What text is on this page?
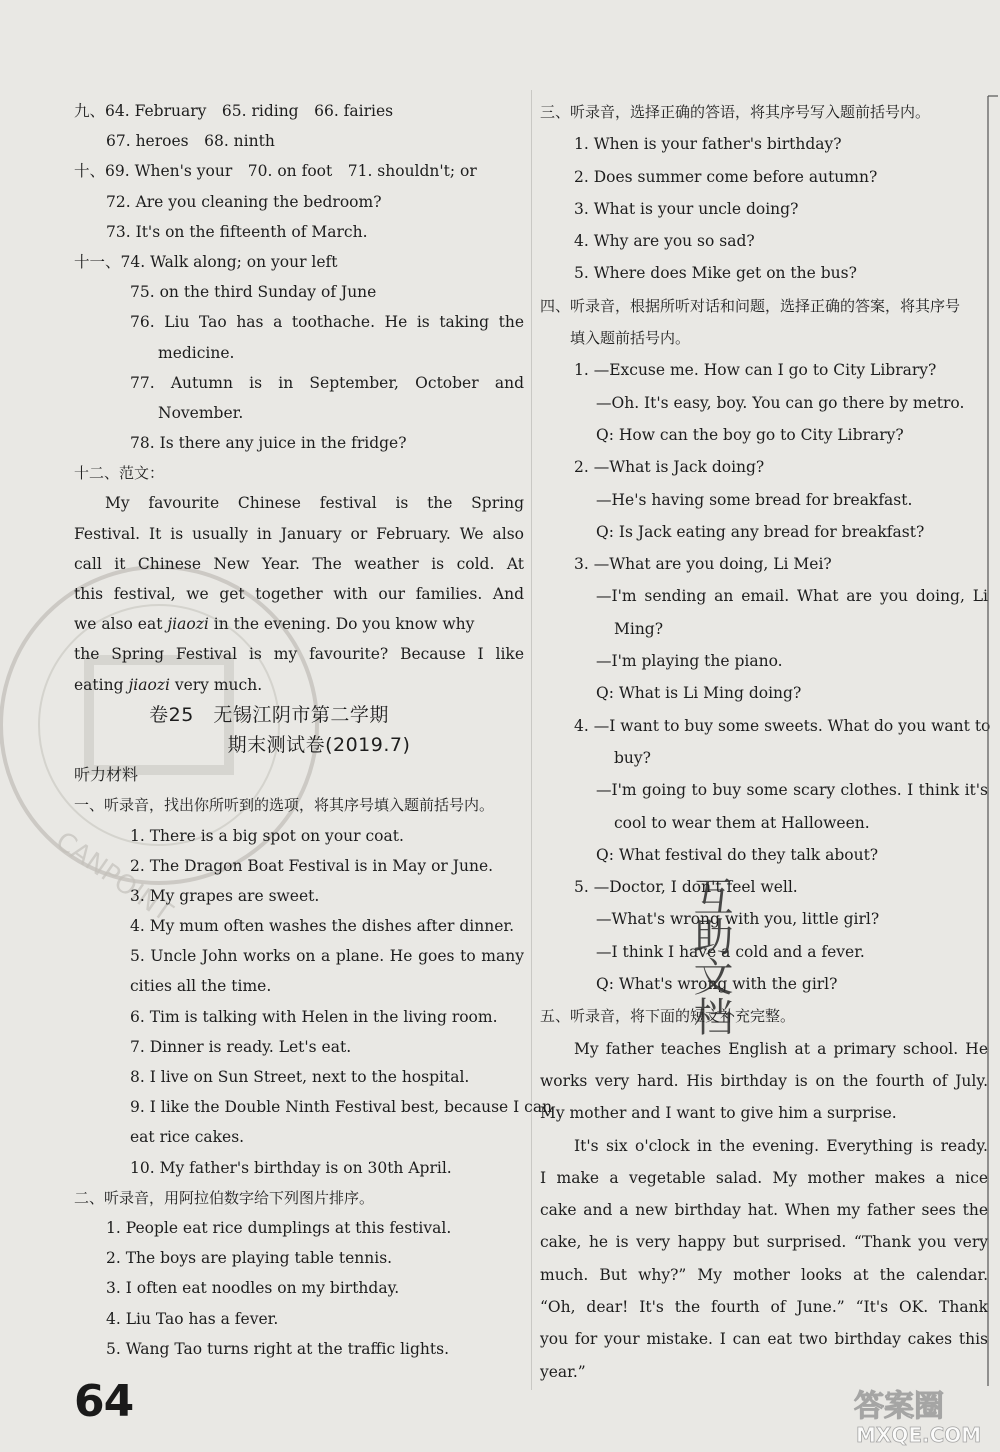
CANPOINT
九、64. February　65. riding　66. fairies
67. heroes　68. ninth
十、69. When's your　70. on foot　71. shouldn't; or
72. Are you cleaning the bedroom?
73. It's on the fifteenth of March.
十一、74. Walk along; on your left
75. on the third Sunday of June
76. Liu Tao has a toothache. He is taking the
medicine.
77. Autumn is in September, October and
November.
78. Is there any juice in the fridge?
十二、范文：
My favourite Chinese festival is the Spring
Festival. It is usually in January or February. We also
call it Chinese New Year. The weather is cold. At
this festival, we get together with our families. And
we also eat jiaozi in the evening. Do you know why
the Spring Festival is my favourite? Because I like
eating jiaozi very much.
卷25　无锡江阴市第二学期
期末测试卷(2019.7)
听力材料
一、听录音，找出你所听到的选项，将其序号填入题前括号内。
1. There is a big spot on your coat.
2. The Dragon Boat Festival is in May or June.
3. My grapes are sweet.
4. My mum often washes the dishes after dinner.
5. Uncle John works on a plane. He goes to many
cities all the time.
6. Tim is talking with Helen in the living room.
7. Dinner is ready. Let's eat.
8. I live on Sun Street, next to the hospital.
9. I like the Double Ninth Festival best, because I can
eat rice cakes.
10. My father's birthday is on 30th April.
二、听录音，用阿拉伯数字给下列图片排序。
1. People eat rice dumplings at this festival.
2. The boys are playing table tennis.
3. I often eat noodles on my birthday.
4. Liu Tao has a fever.
5. Wang Tao turns right at the traffic lights.
三、听录音，选择正确的答语，将其序号写入题前括号内。
1. When is your father's birthday?
2. Does summer come before autumn?
3. What is your uncle doing?
4. Why are you so sad?
5. Where does Mike get on the bus?
四、听录音，根据所听对话和问题，选择正确的答案，将其序号
填入题前括号内。
1. —Excuse me. How can I go to City Library?
—Oh. It's easy, boy. You can go there by metro.
Q: How can the boy go to City Library?
2. —What is Jack doing?
—He's having some bread for breakfast.
Q: Is Jack eating any bread for breakfast?
3. —What are you doing, Li Mei?
—I'm sending an email. What are you doing, Li
Ming?
—I'm playing the piano.
Q: What is Li Ming doing?
4. —I want to buy some sweets. What do you want to
buy?
—I'm going to buy some scary clothes. I think it's
cool to wear them at Halloween.
Q: What festival do they talk about?
5. —Doctor, I don't feel well.
—What's wrong with you, little girl?
—I think I have a cold and a fever.
Q: What's wrong with the girl?
五、听录音，将下面的短文补充完整。
My father teaches English at a primary school. He
works very hard. His birthday is on the fourth of July.
My mother and I want to give him a surprise.
It's six o'clock in the evening. Everything is ready.
I make a vegetable salad. My mother makes a nice
cake and a new birthday hat. When my father sees the
cake, he is very happy but surprised. “Thank you very
much. But why?” My mother looks at the calendar.
“Oh, dear! It's the fourth of June.” “It's OK. Thank
you for your mistake. I can eat two birthday cakes this
year.”
互助文档
64	答案圈
MXQE.COM
